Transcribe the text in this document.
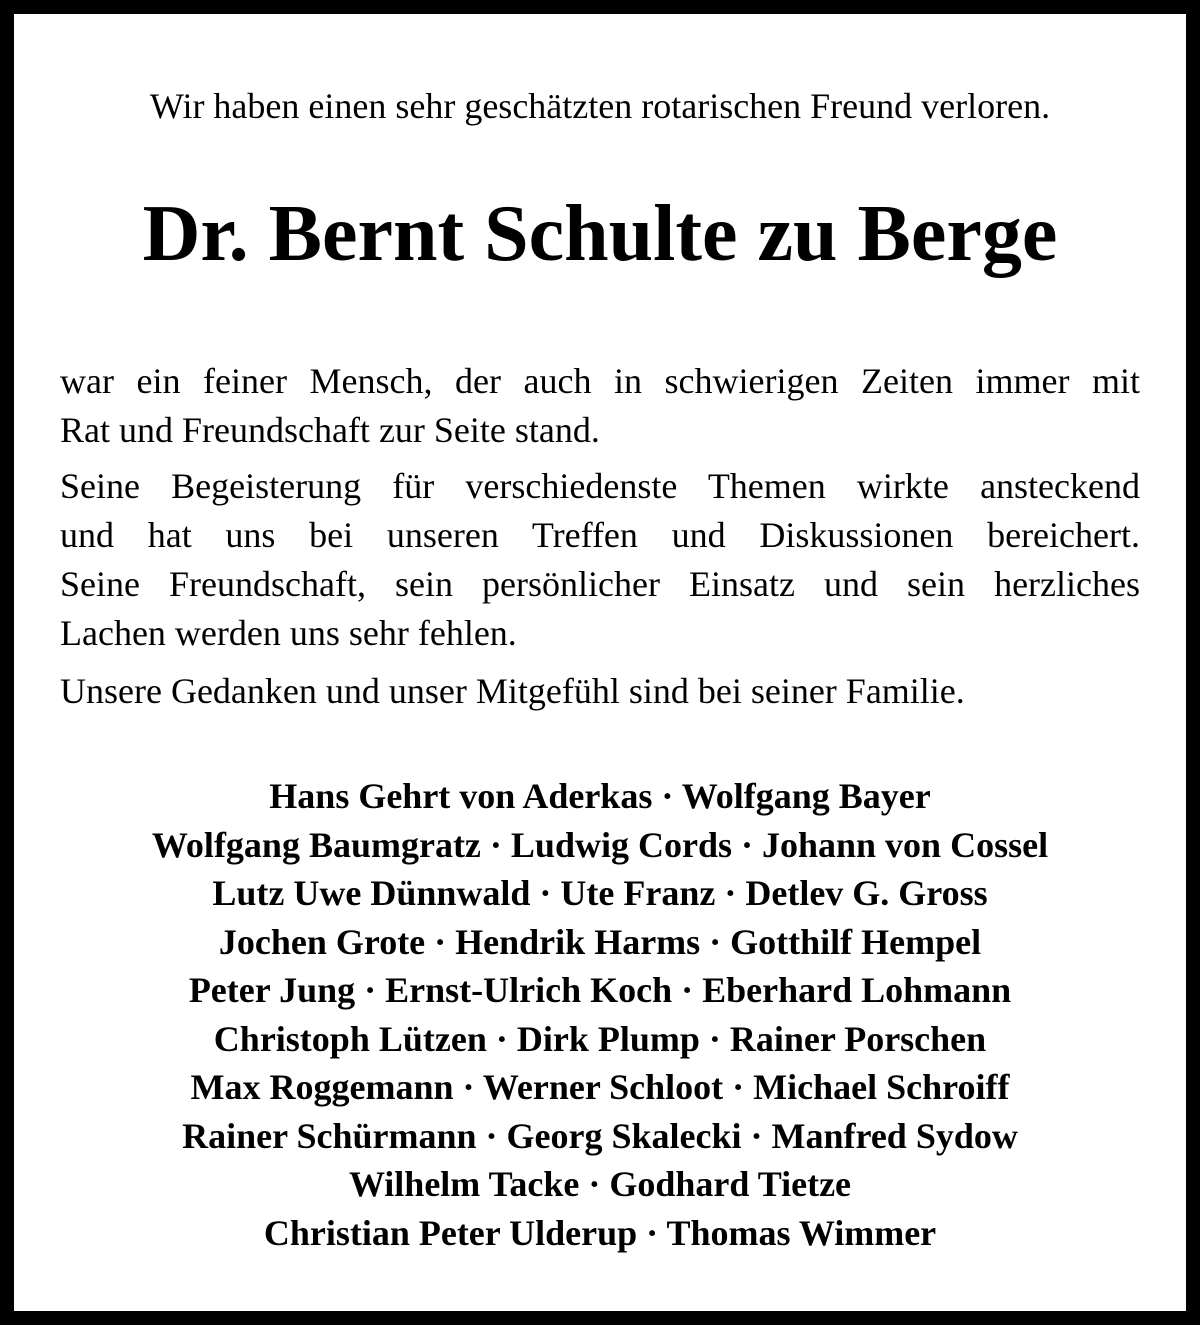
Wir haben einen sehr geschätzten rotarischen Freund verloren.
Dr. Bernt Schulte zu Berge

war ein feiner Mensch, der auch in schwierigen Zeiten immer mit
Rat und Freundschaft zur Seite stand.

Seine Begeisterung für verschiedenste Themen wirkte ansteckend
und hat uns bei unseren Treffen und Diskussionen bereichert.
Seine Freundschaft, sein persönlicher Einsatz und sein herzliches
Lachen werden uns sehr fehlen.

Unsere Gedanken und unser Mitgefühl sind bei seiner Familie.

Hans Gehrt von Aderkas · Wolfgang Bayer
Wolfgang Baumgratz · Ludwig Cords · Johann von Cossel
Lutz Uwe Dünnwald · Ute Franz · Detlev G. Gross
Jochen Grote · Hendrik Harms · Gotthilf Hempel
Peter Jung · Ernst-Ulrich Koch · Eberhard Lohmann
Christoph Lützen · Dirk Plump · Rainer Porschen
Max Roggemann · Werner Schloot · Michael Schroiff
Rainer Schürmann · Georg Skalecki · Manfred Sydow
Wilhelm Tacke · Godhard Tietze
Christian Peter Ulderup · Thomas Wimmer
